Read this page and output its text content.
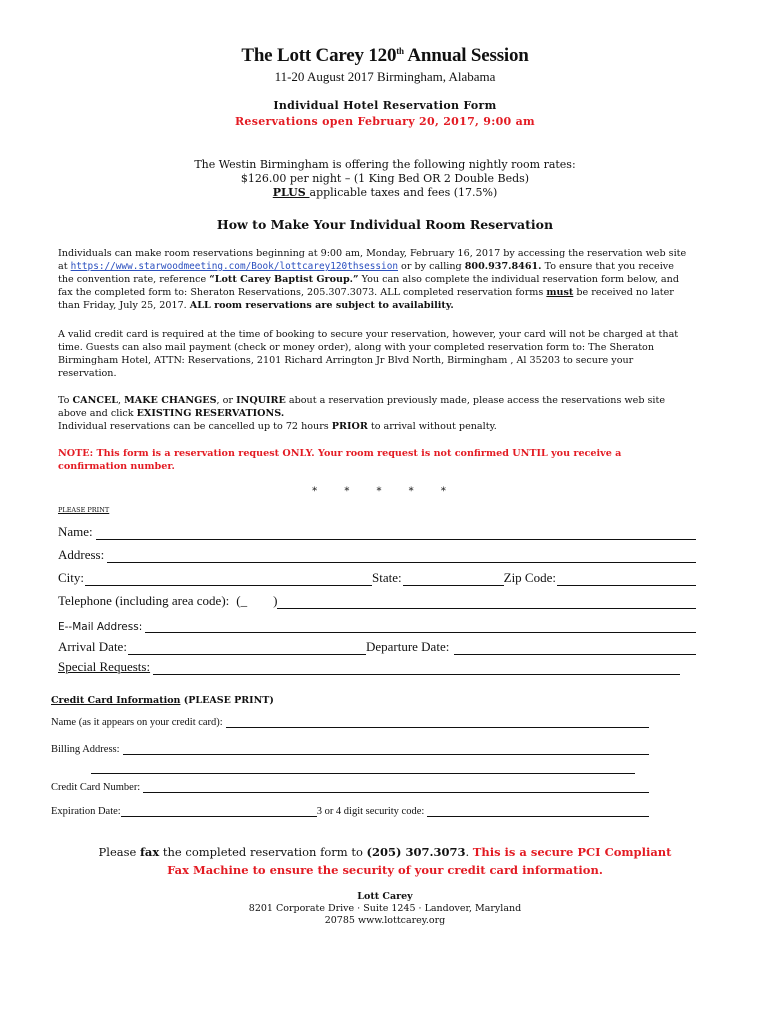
The Lott Carey 120th Annual Session
11-20 August 2017 Birmingham, Alabama
Individual Hotel Reservation Form
Reservations open February 20, 2017, 9:00 am
The Westin Birmingham is offering the following nightly room rates:
$126.00 per night – (1 King Bed OR 2 Double Beds)
PLUS applicable taxes and fees (17.5%)
How to Make Your Individual Room Reservation
Individuals can make room reservations beginning at 9:00 am, Monday, February 16, 2017 by accessing the reservation web site at https://www.starwoodmeeting.com/Book/lottcarey120thsession or by calling 800.937.8461. To ensure that you receive the convention rate, reference “Lott Carey Baptist Group.” You can also complete the individual reservation form below, and fax the completed form to: Sheraton Reservations, 205.307.3073. ALL completed reservation forms must be received no later than Friday, July 25, 2017. ALL room reservations are subject to availability.
A valid credit card is required at the time of booking to secure your reservation, however, your card will not be charged at that time. Guests can also mail payment (check or money order), along with your completed reservation form to: The Sheraton Birmingham Hotel, ATTN: Reservations, 2101 Richard Arrington Jr Blvd North, Birmingham , Al 35203 to secure your reservation.
To CANCEL, MAKE CHANGES, or INQUIRE about a reservation previously made, please access the reservations web site above and click EXISTING RESERVATIONS.
Individual reservations can be cancelled up to 72 hours PRIOR to arrival without penalty.
NOTE: This form is a reservation request ONLY. Your room request is not confirmed UNTIL you receive a confirmation number.
* * * * *
PLEASE PRINT
Name:
Address:
City:	State:	Zip Code:
Telephone (including area code): (_ )
E--Mail Address:
Arrival Date:	Departure Date:
Special Requests:
Credit Card Information (PLEASE PRINT)
Name (as it appears on your credit card):
Billing Address:
Credit Card Number:
Expiration Date:	3 or 4 digit security code:
Please fax the completed reservation form to (205) 307.3073. This is a secure PCI Compliant Fax Machine to ensure the security of your credit card information.
Lott Carey
8201 Corporate Drive · Suite 1245 · Landover, Maryland
20785 www.lottcarey.org
